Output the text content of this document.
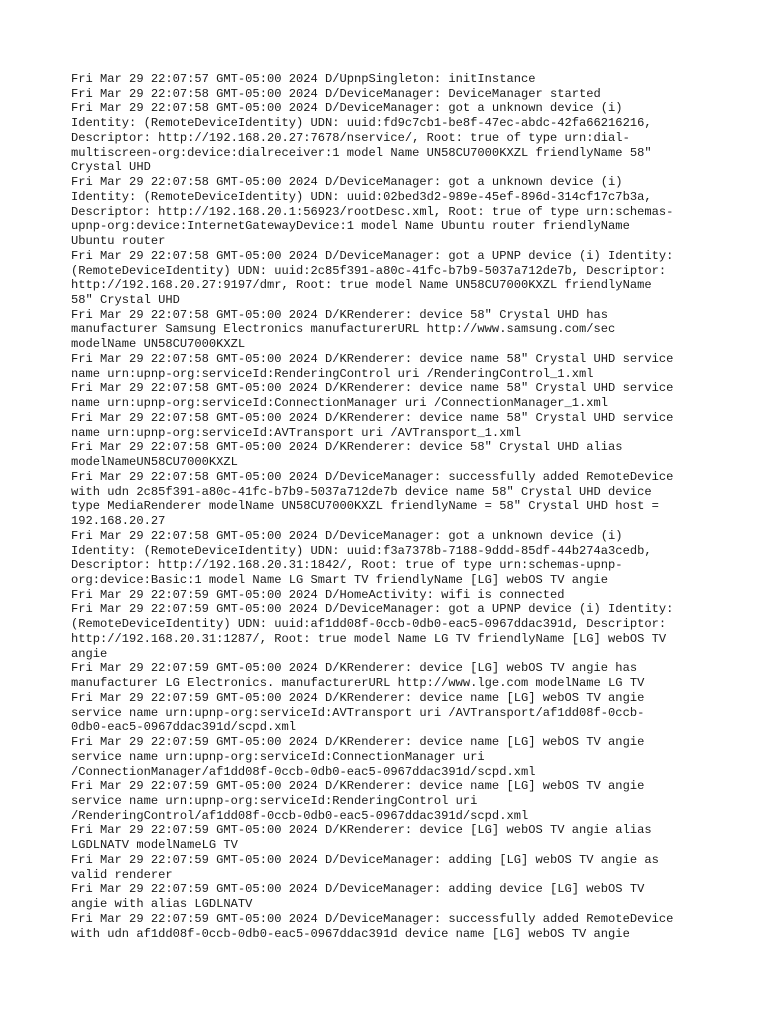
Fri Mar 29 22:07:57 GMT-05:00 2024 D/UpnpSingleton: initInstance
Fri Mar 29 22:07:58 GMT-05:00 2024 D/DeviceManager: DeviceManager started
Fri Mar 29 22:07:58 GMT-05:00 2024 D/DeviceManager: got a unknown device (i)
Identity: (RemoteDeviceIdentity) UDN: uuid:fd9c7cb1-be8f-47ec-abdc-42fa66216216,
Descriptor: http://192.168.20.27:7678/nservice/, Root: true of type urn:dial-
multiscreen-org:device:dialreceiver:1 model Name UN58CU7000KXZL friendlyName 58"
Crystal UHD
Fri Mar 29 22:07:58 GMT-05:00 2024 D/DeviceManager: got a unknown device (i)
Identity: (RemoteDeviceIdentity) UDN: uuid:02bed3d2-989e-45ef-896d-314cf17c7b3a,
Descriptor: http://192.168.20.1:56923/rootDesc.xml, Root: true of type urn:schemas-
upnp-org:device:InternetGatewayDevice:1 model Name Ubuntu router friendlyName
Ubuntu router
Fri Mar 29 22:07:58 GMT-05:00 2024 D/DeviceManager: got a UPNP device (i) Identity:
(RemoteDeviceIdentity) UDN: uuid:2c85f391-a80c-41fc-b7b9-5037a712de7b, Descriptor:
http://192.168.20.27:9197/dmr, Root: true model Name UN58CU7000KXZL friendlyName
58" Crystal UHD
Fri Mar 29 22:07:58 GMT-05:00 2024 D/KRenderer: device 58" Crystal UHD has
manufacturer Samsung Electronics manufacturerURL http://www.samsung.com/sec
modelName UN58CU7000KXZL
Fri Mar 29 22:07:58 GMT-05:00 2024 D/KRenderer: device name 58" Crystal UHD service
name urn:upnp-org:serviceId:RenderingControl uri /RenderingControl_1.xml
Fri Mar 29 22:07:58 GMT-05:00 2024 D/KRenderer: device name 58" Crystal UHD service
name urn:upnp-org:serviceId:ConnectionManager uri /ConnectionManager_1.xml
Fri Mar 29 22:07:58 GMT-05:00 2024 D/KRenderer: device name 58" Crystal UHD service
name urn:upnp-org:serviceId:AVTransport uri /AVTransport_1.xml
Fri Mar 29 22:07:58 GMT-05:00 2024 D/KRenderer: device 58" Crystal UHD alias
modelNameUN58CU7000KXZL
Fri Mar 29 22:07:58 GMT-05:00 2024 D/DeviceManager: successfully added RemoteDevice
with udn 2c85f391-a80c-41fc-b7b9-5037a712de7b device name 58" Crystal UHD device
type MediaRenderer modelName UN58CU7000KXZL friendlyName = 58" Crystal UHD host =
192.168.20.27
Fri Mar 29 22:07:58 GMT-05:00 2024 D/DeviceManager: got a unknown device (i)
Identity: (RemoteDeviceIdentity) UDN: uuid:f3a7378b-7188-9ddd-85df-44b274a3cedb,
Descriptor: http://192.168.20.31:1842/, Root: true of type urn:schemas-upnp-
org:device:Basic:1 model Name LG Smart TV friendlyName [LG] webOS TV angie
Fri Mar 29 22:07:59 GMT-05:00 2024 D/HomeActivity: wifi is connected
Fri Mar 29 22:07:59 GMT-05:00 2024 D/DeviceManager: got a UPNP device (i) Identity:
(RemoteDeviceIdentity) UDN: uuid:af1dd08f-0ccb-0db0-eac5-0967ddac391d, Descriptor:
http://192.168.20.31:1287/, Root: true model Name LG TV friendlyName [LG] webOS TV
angie
Fri Mar 29 22:07:59 GMT-05:00 2024 D/KRenderer: device [LG] webOS TV angie has
manufacturer LG Electronics. manufacturerURL http://www.lge.com modelName LG TV
Fri Mar 29 22:07:59 GMT-05:00 2024 D/KRenderer: device name [LG] webOS TV angie
service name urn:upnp-org:serviceId:AVTransport uri /AVTransport/af1dd08f-0ccb-
0db0-eac5-0967ddac391d/scpd.xml
Fri Mar 29 22:07:59 GMT-05:00 2024 D/KRenderer: device name [LG] webOS TV angie
service name urn:upnp-org:serviceId:ConnectionManager uri
/ConnectionManager/af1dd08f-0ccb-0db0-eac5-0967ddac391d/scpd.xml
Fri Mar 29 22:07:59 GMT-05:00 2024 D/KRenderer: device name [LG] webOS TV angie
service name urn:upnp-org:serviceId:RenderingControl uri
/RenderingControl/af1dd08f-0ccb-0db0-eac5-0967ddac391d/scpd.xml
Fri Mar 29 22:07:59 GMT-05:00 2024 D/KRenderer: device [LG] webOS TV angie alias
LGDLNATV modelNameLG TV
Fri Mar 29 22:07:59 GMT-05:00 2024 D/DeviceManager: adding [LG] webOS TV angie as
valid renderer
Fri Mar 29 22:07:59 GMT-05:00 2024 D/DeviceManager: adding device [LG] webOS TV
angie with alias LGDLNATV
Fri Mar 29 22:07:59 GMT-05:00 2024 D/DeviceManager: successfully added RemoteDevice
with udn af1dd08f-0ccb-0db0-eac5-0967ddac391d device name [LG] webOS TV angie
